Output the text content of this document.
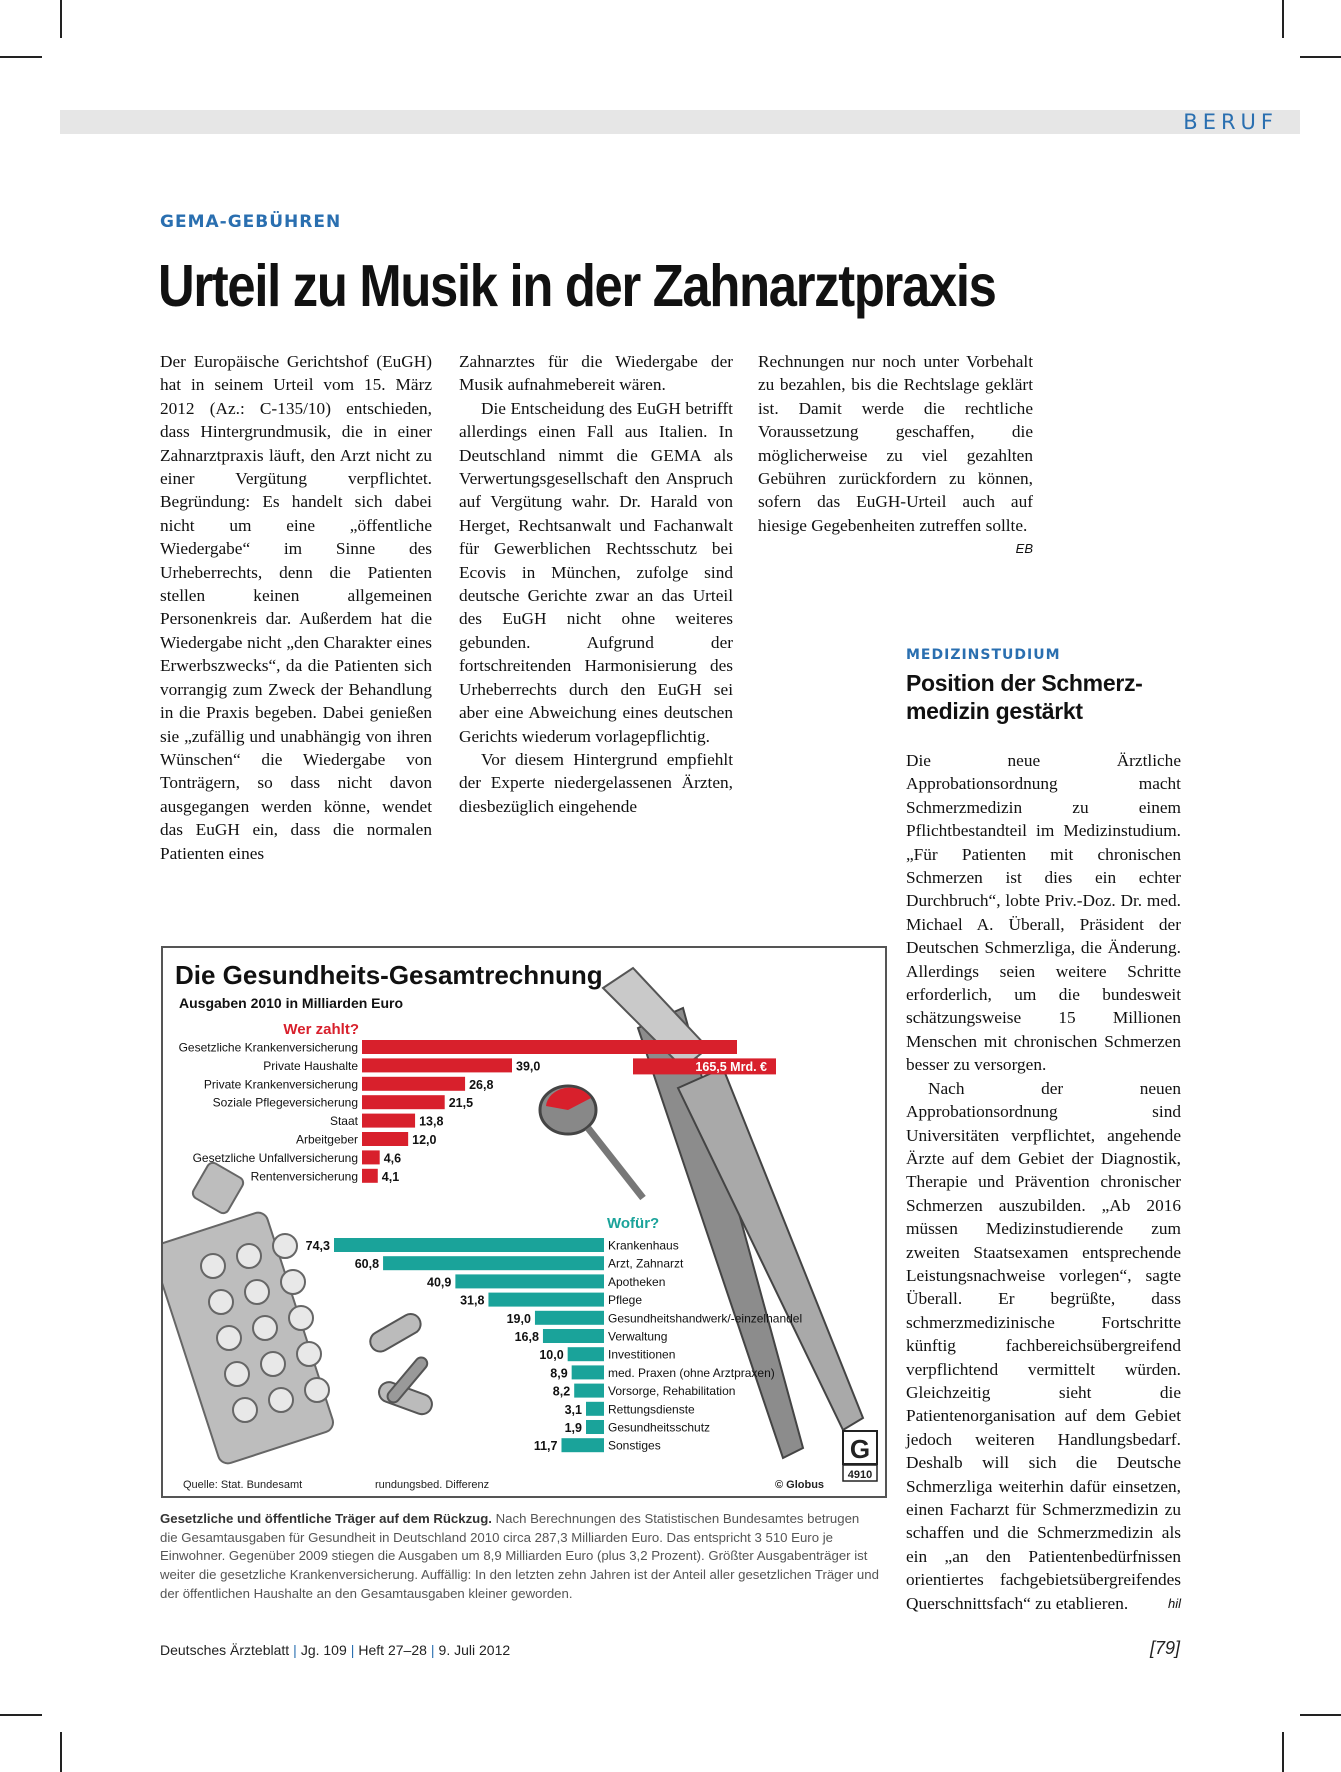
BERUF
GEMA-GEBÜHREN
Urteil zu Musik in der Zahnarztpraxis

Der Europäische Gerichtshof (EuGH) hat in seinem Urteil vom 15. März 2012 (Az.: C-135/10) entschieden, dass Hintergrundmusik, die in einer Zahnarztpraxis läuft, den Arzt nicht zu einer Vergütung verpflichtet. Begründung: Es handelt sich dabei nicht um eine „öffentliche Wiedergabe“ im Sinne des Urheberrechts, denn die Patienten stellen keinen allgemeinen Personenkreis dar. Außerdem hat die Wiedergabe nicht „den Charakter eines Erwerbszwecks“, da die Patienten sich vorrangig zum Zweck der Behandlung in die Praxis begeben. Dabei genießen sie „zufällig und unabhängig von ihren Wünschen“ die Wiedergabe von Tonträgern, so dass nicht davon ausgegangen werden könne, wendet das EuGH ein, dass die normalen Patienten eines

Zahnarztes für die Wiedergabe der Musik aufnahmebereit wären.

Die Entscheidung des EuGH betrifft allerdings einen Fall aus Italien. In Deutschland nimmt die GEMA als Verwertungsgesellschaft den Anspruch auf Vergütung wahr. Dr. Harald von Herget, Rechtsanwalt und Fachanwalt für Gewerblichen Rechtsschutz bei Ecovis in München, zufolge sind deutsche Gerichte zwar an das Urteil des EuGH nicht ohne weiteres gebunden. Aufgrund der fortschreitenden Harmonisierung des Urheberrechts durch den EuGH sei aber eine Abweichung eines deutschen Gerichts wiederum vorlagepflichtig.

Vor diesem Hintergrund empfiehlt der Experte niedergelassenen Ärzten, diesbezüglich eingehende

Rechnungen nur noch unter Vorbehalt zu bezahlen, bis die Rechtslage geklärt ist. Damit werde die rechtliche Voraussetzung geschaffen, die möglicherweise zu viel gezahlten Gebühren zurückfordern zu können, sofern das EuGH-Urteil auch auf hiesige Gegebenheiten zutreffen sollte.
EB

MEDIZINSTUDIUM
Position der Schmerz-
medizin gestärkt

Die neue Ärztliche Approbationsordnung macht Schmerzmedizin zu einem Pflichtbestandteil im Medizinstudium. „Für Patienten mit chronischen Schmerzen ist dies ein echter Durchbruch“, lobte Priv.-Doz. Dr. med. Michael A. Überall, Präsident der Deutschen Schmerzliga, die Änderung. Allerdings seien weitere Schritte erforderlich, um die bundesweit schätzungsweise 15 Millionen Menschen mit chronischen Schmerzen besser zu versorgen.

Nach der neuen Approbationsordnung sind Universitäten verpflichtet, angehende Ärzte auf dem Gebiet der Diagnostik, Therapie und Prävention chronischer Schmerzen auszubilden. „Ab 2016 müssen Medizinstudierende zum zweiten Staatsexamen entsprechende Leistungsnachweise vorlegen“, sagte Überall. Er begrüßte, dass schmerzmedizinische Fortschritte künftig fachbereichsübergreifend verpflichtend vermittelt würden. Gleichzeitig sieht die Patientenorganisation auf dem Gebiet jedoch weiteren Handlungsbedarf. Deshalb will sich die Deutsche Schmerzliga weiterhin dafür einsetzen, einen Facharzt für Schmerzmedizin zu schaffen und die Schmerzmedizin als ein „an den Patientenbedürfnissen orientiertes fachgebietsübergreifendes Querschnittsfach“ zu etablieren.	hil

Die Gesundheits-Gesamtrechnung
Ausgaben 2010 in Milliarden Euro
Wer zahlt?
Wofür?
Gesetzliche Krankenversicherung
165,5 Mrd. €
Private Haushalte	39,0
Private Krankenversicherung	26,8
Soziale Pflegeversicherung	21,5
Staat	13,8
Arbeitgeber	12,0
Gesetzliche Unfallversicherung 4,6
Rentenversicherung 4,1
74,3	Krankenhaus
60,8	Arzt, Zahnarzt
40,9	Apotheken
31,8	Pflege
19,0	Gesundheitshandwerk/-einzelhandel
16,8	Verwaltung
10,0	Investitionen
8,9	med. Praxen (ohne Arztpraxen)
8,2	Vorsorge, Rehabilitation
3,1 Rettungsdienste
1,9 Gesundheitsschutz
11,7	Sonstiges
Quelle: Stat. Bundesamt	rundungsbed. Differenz	© Globus
G
4910
Gesetzliche und öffentliche Träger auf dem Rückzug. Nach Berechnungen des Statistischen Bundesamtes betrugen die Gesamtausgaben für Gesundheit in Deutschland 2010 circa 287,3 Milliarden Euro. Das entspricht 3 510 Euro je Einwohner. Gegenüber 2009 stiegen die Ausgaben um 8,9 Milliarden Euro (plus 3,2 Prozent). Größter Ausgabenträger ist weiter die gesetzliche Krankenversicherung. Auffällig: In den letzten zehn Jahren ist der Anteil aller gesetzlichen Träger und der öffentlichen Haushalte an den Gesamtausgaben kleiner geworden.
Deutsches Ärzteblatt | Jg. 109 | Heft 27–28 | 9. Juli 2012	[79]
